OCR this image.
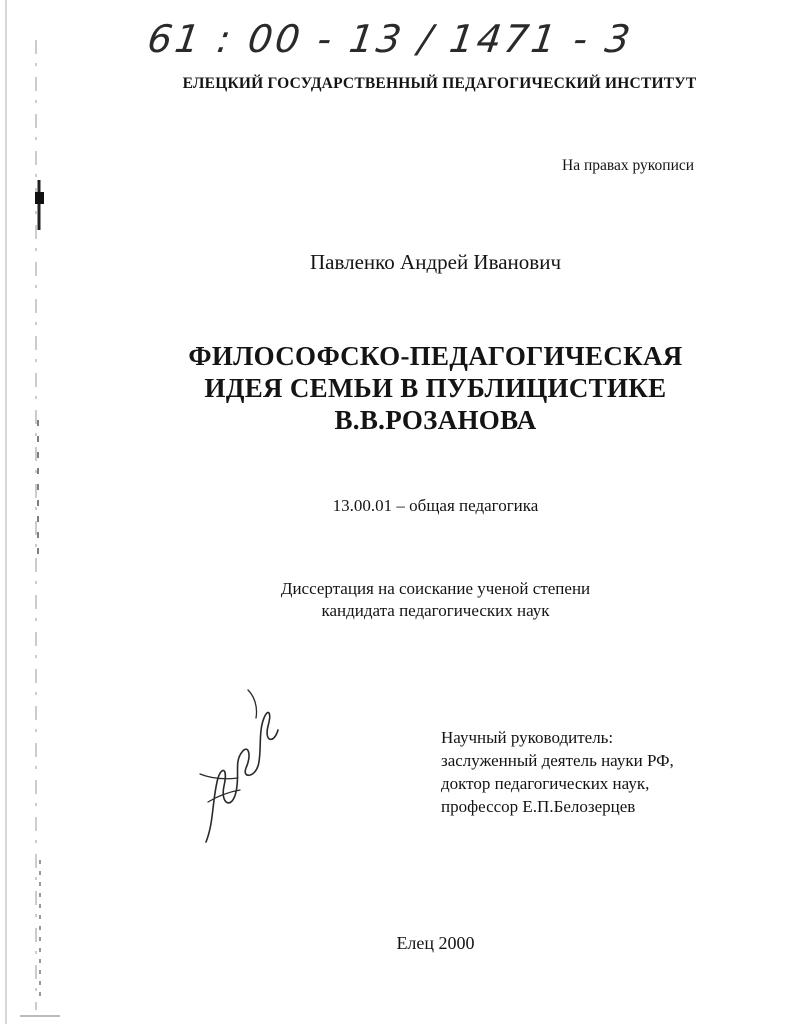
61 : 00 - 13 / 1471 - 3
ЕЛЕЦКИЙ ГОСУДАРСТВЕННЫЙ ПЕДАГОГИЧЕСКИЙ ИНСТИТУТ
На правах рукописи
Павленко Андрей Иванович
ФИЛОСОФСКО-ПЕДАГОГИЧЕСКАЯ
ИДЕЯ СЕМЬИ В ПУБЛИЦИСТИКЕ
В.В.РОЗАНОВА
13.00.01 – общая педагогика
Диссертация на соискание ученой степени
кандидата педагогических наук
Научный руководитель:
заслуженный деятель науки РФ,
доктор педагогических наук,
профессор Е.П.Белозерцев
Елец 2000
